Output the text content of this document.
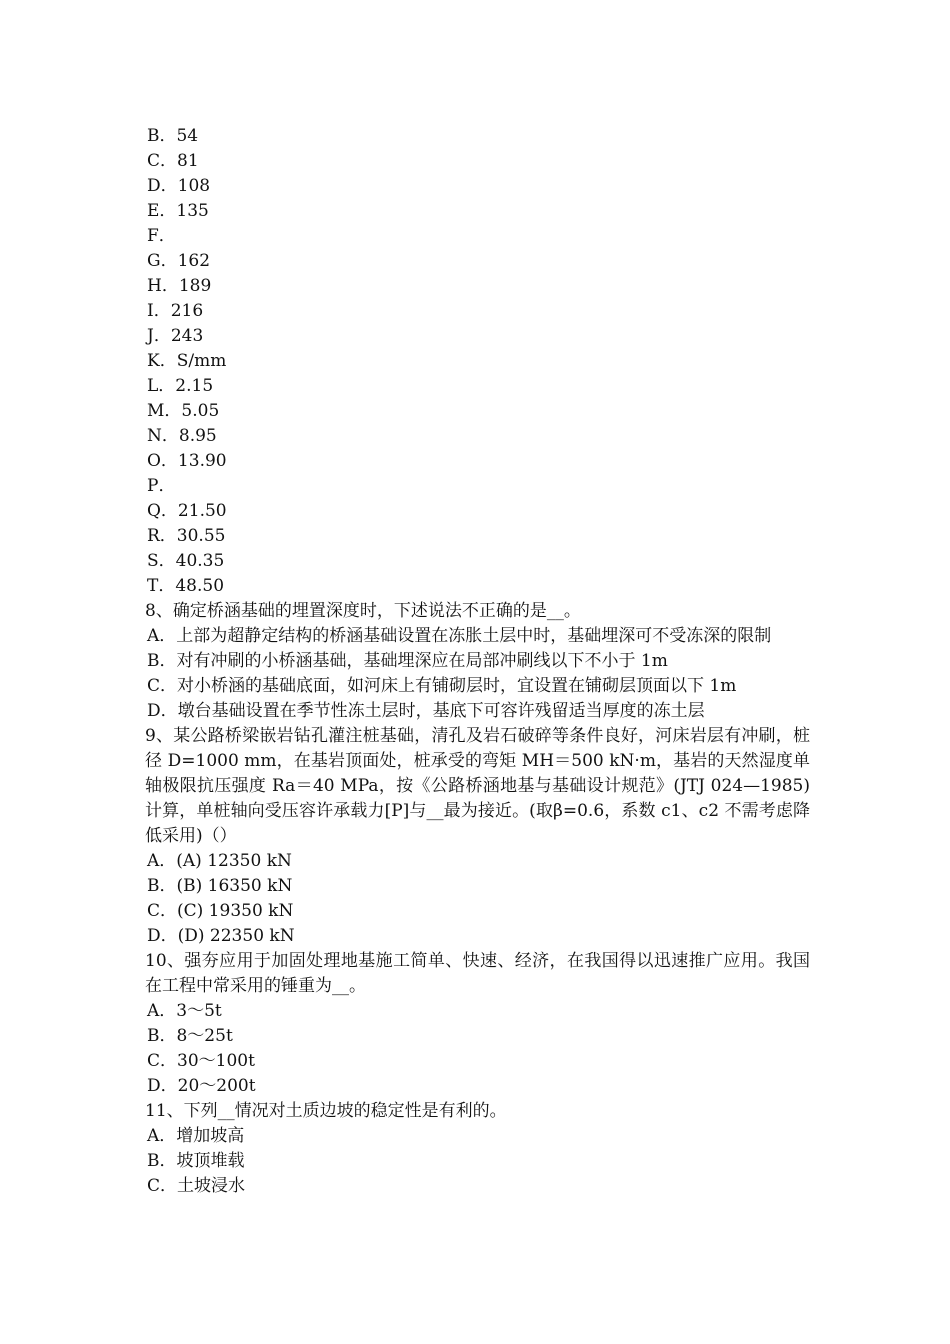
B．54
C．81
D．108
E．135
F．
G．162
H．189
I．216
J．243
K．S/mm
L．2.15
M．5.05
N．8.95
O．13.90
P．
Q．21.50
R．30.55
S．40.35
T．48.50
8、确定桥涵基础的埋置深度时，下述说法不正确的是__。
A．上部为超静定结构的桥涵基础设置在冻胀土层中时，基础埋深可不受冻深的限制
B．对有冲刷的小桥涵基础，基础埋深应在局部冲刷线以下不小于 1m
C．对小桥涵的基础底面，如河床上有铺砌层时，宜设置在铺砌层顶面以下 1m
D．墩台基础设置在季节性冻土层时，基底下可容许残留适当厚度的冻土层
9、某公路桥梁嵌岩钻孔灌注桩基础，清孔及岩石破碎等条件良好，河床岩层有冲刷，桩径 D=1000 mm，在基岩顶面处，桩承受的弯矩 MH＝500 kN·m，基岩的天然湿度单轴极限抗压强度 Ra＝40 MPa，按《公路桥涵地基与基础设计规范》(JTJ 024—1985)计算，单桩轴向受压容许承载力[P]与__最为接近。(取β=0.6，系数 c1、c2 不需考虑降低采用)（）
A．(A) 12350 kN
B．(B) 16350 kN
C．(C) 19350 kN
D．(D) 22350 kN
10、强夯应用于加固处理地基施工简单、快速、经济，在我国得以迅速推广应用。我国在工程中常采用的锤重为__。
A．3～5t
B．8～25t
C．30～100t
D．20～200t
11、下列__情况对土质边坡的稳定性是有利的。
A．增加坡高
B．坡顶堆载
C．土坡浸水
